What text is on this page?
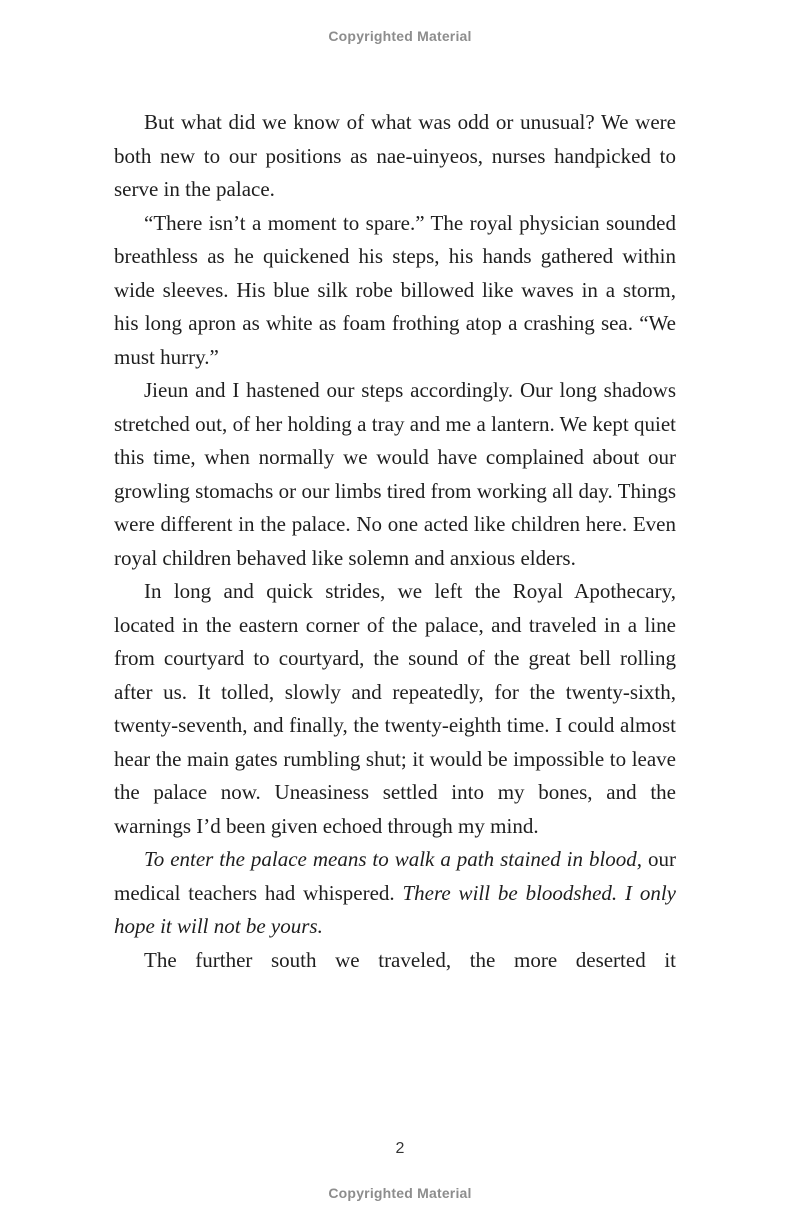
Copyrighted Material

But what did we know of what was odd or unusual? We were both new to our positions as nae-uinyeos, nurses handpicked to serve in the palace.

“There isn’t a moment to spare.” The royal physician sounded breathless as he quickened his steps, his hands gathered within wide sleeves. His blue silk robe billowed like waves in a storm, his long apron as white as foam frothing atop a crashing sea. “We must hurry.”

Jieun and I hastened our steps accordingly. Our long shadows stretched out, of her holding a tray and me a lantern. We kept quiet this time, when normally we would have complained about our growling stomachs or our limbs tired from working all day. Things were different in the palace. No one acted like children here. Even royal children behaved like solemn and anxious elders.

In long and quick strides, we left the Royal Apothecary, located in the eastern corner of the palace, and traveled in a line from courtyard to courtyard, the sound of the great bell rolling after us. It tolled, slowly and repeatedly, for the twenty-sixth, twenty-seventh, and finally, the twenty-eighth time. I could almost hear the main gates rumbling shut; it would be impossible to leave the palace now. Uneasiness settled into my bones, and the warnings I’d been given echoed through my mind.

To enter the palace means to walk a path stained in blood, our medical teachers had whispered. There will be bloodshed. I only hope it will not be yours.

The further south we traveled, the more deserted it

2
Copyrighted Material
